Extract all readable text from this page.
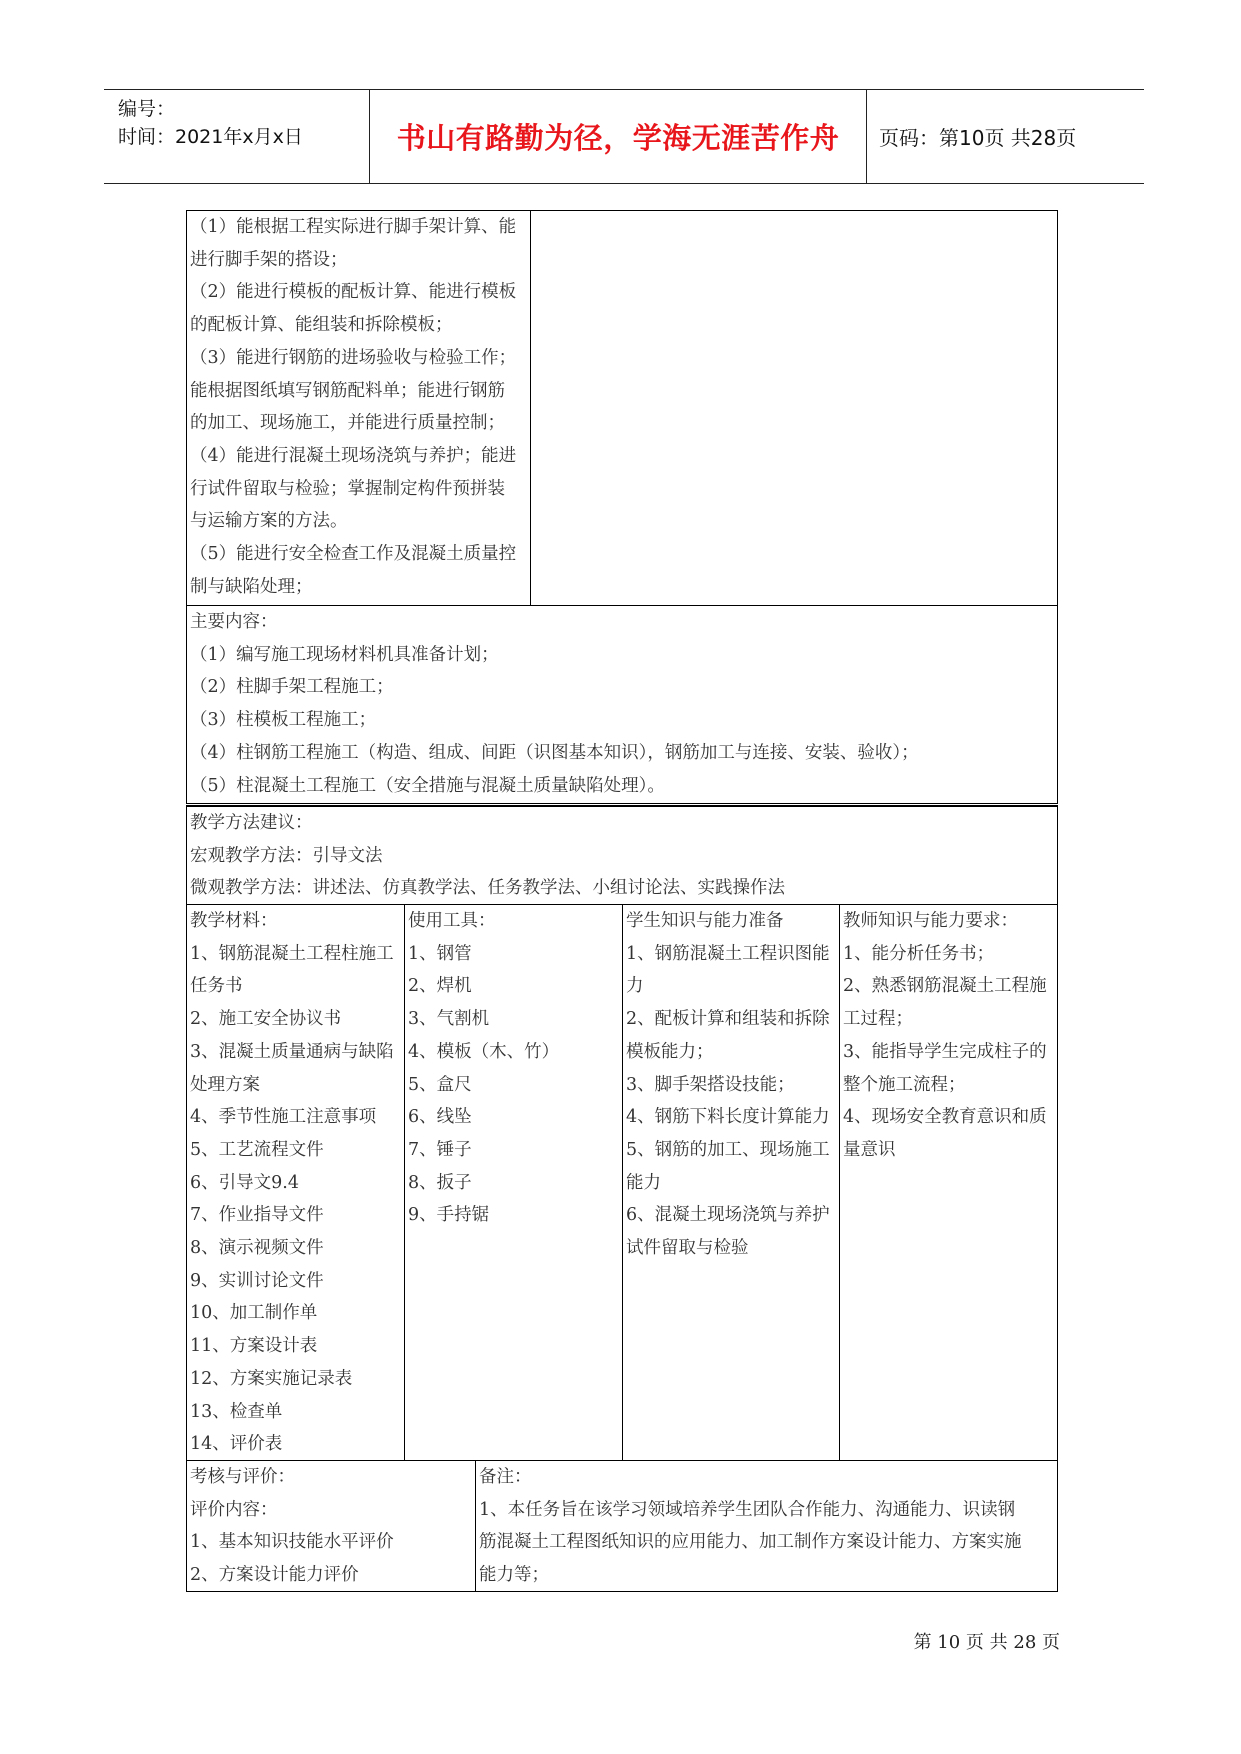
编号：
时间：2021年x月x日	书山有路勤为径，学海无涯苦作舟	页码：第10页 共28页
（1）能根据工程实际进行脚手架计算、能
进行脚手架的搭设；
（2）能进行模板的配板计算、能进行模板
的配板计算、能组装和拆除模板；
（3）能进行钢筋的进场验收与检验工作；
能根据图纸填写钢筋配料单；能进行钢筋
的加工、现场施工，并能进行质量控制；
（4）能进行混凝土现场浇筑与养护；能进
行试件留取与检验；掌握制定构件预拼装
与运输方案的方法。
（5）能进行安全检查工作及混凝土质量控
制与缺陷处理；
主要内容：
（1）编写施工现场材料机具准备计划；
（2）柱脚手架工程施工；
（3）柱模板工程施工；
（4）柱钢筋工程施工（构造、组成、间距（识图基本知识），钢筋加工与连接、安装、验收）；
（5）柱混凝土工程施工（安全措施与混凝土质量缺陷处理）。
教学方法建议：
宏观教学方法：引导文法
微观教学方法：讲述法、仿真教学法、任务教学法、小组讨论法、实践操作法
教学材料：
1、钢筋混凝土工程柱施工
任务书
2、施工安全协议书
3、混凝土质量通病与缺陷
处理方案
4、季节性施工注意事项
5、工艺流程文件
6、引导文9.4
7、作业指导文件
8、演示视频文件
9、实训讨论文件
10、加工制作单
11、方案设计表
12、方案实施记录表
13、检查单
14、评价表
使用工具：
1、钢管
2、焊机
3、气割机
4、模板（木、竹）
5、盒尺
6、线坠
7、锤子
8、扳子
9、手持锯
学生知识与能力准备
1、钢筋混凝土工程识图能
力
2、配板计算和组装和拆除
模板能力；
3、脚手架搭设技能；
4、钢筋下料长度计算能力
5、钢筋的加工、现场施工
能力
6、混凝土现场浇筑与养护
试件留取与检验
教师知识与能力要求：
1、能分析任务书；
2、熟悉钢筋混凝土工程施
工过程；
3、能指导学生完成柱子的
整个施工流程；
4、现场安全教育意识和质
量意识
考核与评价：
评价内容：
1、基本知识技能水平评价
2、方案设计能力评价
备注：
1、本任务旨在该学习领域培养学生团队合作能力、沟通能力、识读钢
筋混凝土工程图纸知识的应用能力、加工制作方案设计能力、方案实施
能力等；
第 10 页 共 28 页
